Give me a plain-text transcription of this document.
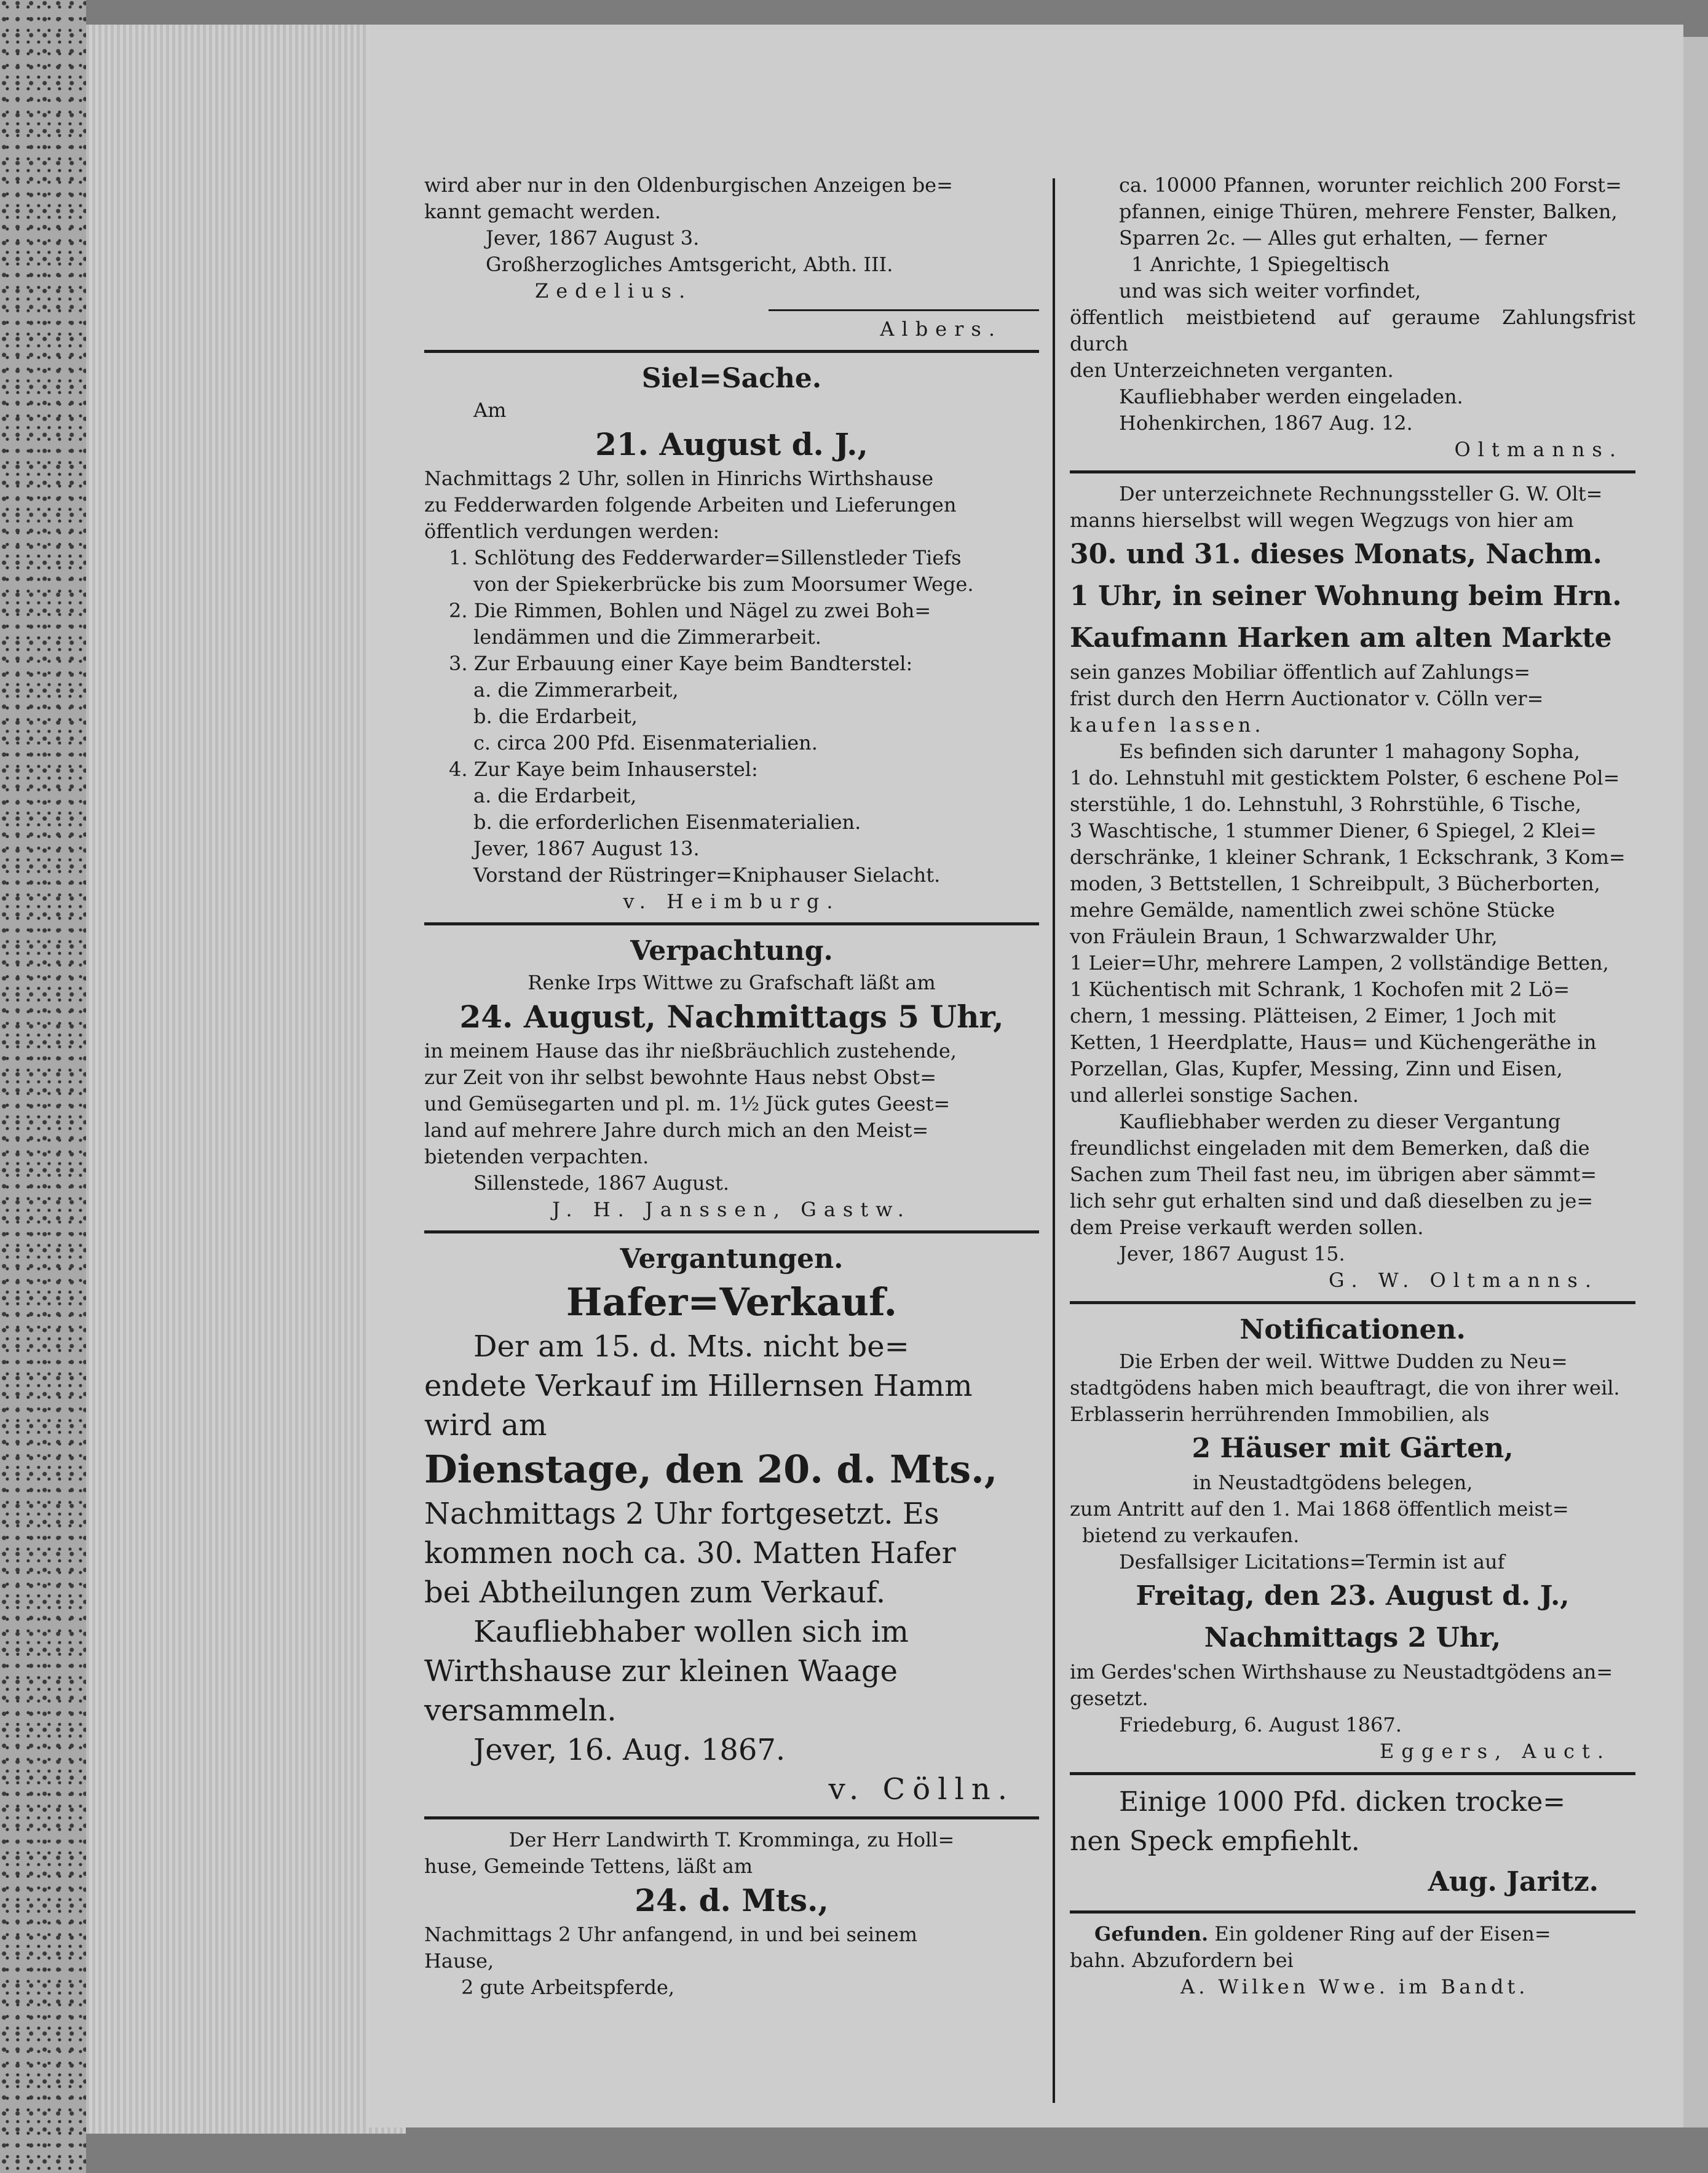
wird aber nur in den Oldenburgischen Anzeigen be=

kannt gemacht werden.

Jever, 1867 August 3.

Großherzogliches Amtsgericht, Abth. III.

Zedelius.

Albers.

Siel=Sache.

Am

21. August d. J.,

Nachmittags 2 Uhr, sollen in Hinrichs Wirthshause

zu Fedderwarden folgende Arbeiten und Lieferungen

öffentlich verdungen werden:

1. Schlötung des Fedderwarder=Sillenstleder Tiefs

von der Spiekerbrücke bis zum Moorsumer Wege.

2. Die Rimmen, Bohlen und Nägel zu zwei Boh=

lendämmen und die Zimmerarbeit.

3. Zur Erbauung einer Kaye beim Bandterstel:

a. die Zimmerarbeit,

b. die Erdarbeit,

c. circa 200 Pfd. Eisenmaterialien.

4. Zur Kaye beim Inhauserstel:

a. die Erdarbeit,

b. die erforderlichen Eisenmaterialien.

Jever, 1867 August 13.

Vorstand der Rüstringer=Kniphauser Sielacht.

v. Heimburg.

Verpachtung.

Renke Irps Wittwe zu Grafschaft läßt am

24. August, Nachmittags 5 Uhr,

in meinem Hause das ihr nießbräuchlich zustehende,

zur Zeit von ihr selbst bewohnte Haus nebst Obst=

und Gemüsegarten und pl. m. 1½ Jück gutes Geest=

land auf mehrere Jahre durch mich an den Meist=

bietenden verpachten.

Sillenstede, 1867 August.

J. H. Janssen, Gastw.

Vergantungen.

Hafer=Verkauf.

Der am 15. d. Mts. nicht be=

endete Verkauf im Hillernsen Hamm

wird am

Dienstage, den 20. d. Mts.,

Nachmittags 2 Uhr fortgesetzt. Es

kommen noch ca. 30. Matten Hafer

bei Abtheilungen zum Verkauf.

Kaufliebhaber wollen sich im

Wirthshause zur kleinen Waage

versammeln.

Jever, 16. Aug. 1867.

v. Cölln.

Der Herr Landwirth T. Kromminga, zu Holl=

huse, Gemeinde Tettens, läßt am

24. d. Mts.,

Nachmittags 2 Uhr anfangend, in und bei seinem

Hause,

2 gute Arbeitspferde,

ca. 10000 Pfannen, worunter reichlich 200 Forst=

pfannen, einige Thüren, mehrere Fenster, Balken,

Sparren 2c. — Alles gut erhalten, — ferner

1 Anrichte, 1 Spiegeltisch

und was sich weiter vorfindet,

öffentlich meistbietend auf geraume Zahlungsfrist durch

den Unterzeichneten verganten.

Kaufliebhaber werden eingeladen.

Hohenkirchen, 1867 Aug. 12.

Oltmanns.

Der unterzeichnete Rechnungssteller G. W. Olt=

manns hierselbst will wegen Wegzugs von hier am

30. und 31. dieses Monats, Nachm.

1 Uhr, in seiner Wohnung beim Hrn.

Kaufmann Harken am alten Markte

sein ganzes Mobiliar öffentlich auf Zahlungs=

frist durch den Herrn Auctionator v. Cölln ver=

kaufen lassen.

Es befinden sich darunter 1 mahagony Sopha,

1 do. Lehnstuhl mit gesticktem Polster, 6 eschene Pol=

sterstühle, 1 do. Lehnstuhl, 3 Rohrstühle, 6 Tische,

3 Waschtische, 1 stummer Diener, 6 Spiegel, 2 Klei=

derschränke, 1 kleiner Schrank, 1 Eckschrank, 3 Kom=

moden, 3 Bettstellen, 1 Schreibpult, 3 Bücherborten,

mehre Gemälde, namentlich zwei schöne Stücke

von Fräulein Braun, 1 Schwarzwalder Uhr,

1 Leier=Uhr, mehrere Lampen, 2 vollständige Betten,

1 Küchentisch mit Schrank, 1 Kochofen mit 2 Lö=

chern, 1 messing. Plätteisen, 2 Eimer, 1 Joch mit

Ketten, 1 Heerdplatte, Haus= und Küchengeräthe in

Porzellan, Glas, Kupfer, Messing, Zinn und Eisen,

und allerlei sonstige Sachen.

Kaufliebhaber werden zu dieser Vergantung

freundlichst eingeladen mit dem Bemerken, daß die

Sachen zum Theil fast neu, im übrigen aber sämmt=

lich sehr gut erhalten sind und daß dieselben zu je=

dem Preise verkauft werden sollen.

Jever, 1867 August 15.

G. W. Oltmanns.

Notificationen.

Die Erben der weil. Wittwe Dudden zu Neu=

stadtgödens haben mich beauftragt, die von ihrer weil.

Erblasserin herrührenden Immobilien, als

2 Häuser mit Gärten,

in Neustadtgödens belegen,

zum Antritt auf den 1. Mai 1868 öffentlich meist=

bietend zu verkaufen.

Desfallsiger Licitations=Termin ist auf

Freitag, den 23. August d. J.,

Nachmittags 2 Uhr,

im Gerdes'schen Wirthshause zu Neustadtgödens an=

gesetzt.

Friedeburg, 6. August 1867.

Eggers, Auct.

Einige 1000 Pfd. dicken trocke=

nen Speck empfiehlt.

Aug. Jaritz.

Gefunden. Ein goldener Ring auf der Eisen=

bahn. Abzufordern bei

A. Wilken Wwe. im Bandt.
